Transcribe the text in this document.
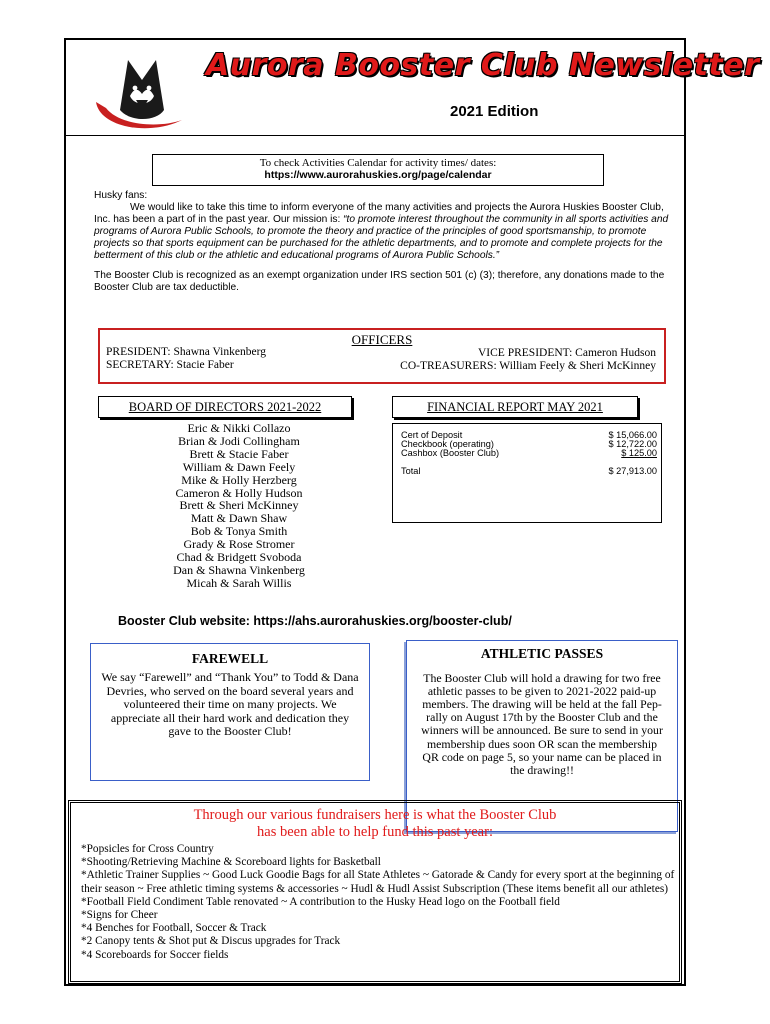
Aurora Booster Club Newsletter
2021 Edition
To check Activities Calendar for activity times/ dates:
https://www.aurorahuskies.org/page/calendar

Husky fans:

We would like to take this time to inform everyone of the many activities and projects the Aurora Huskies Booster Club, Inc. has been a part of in the past year. Our mission is: “to promote interest throughout the community in all sports activities and programs of Aurora Public Schools, to promote the theory and practice of the principles of good sportsmanship, to promote projects so that sports equipment can be purchased for the athletic departments, and to promote and complete projects for the betterment of this club or the athletic and educational programs of Aurora Public Schools.”

The Booster Club is recognized as an exempt organization under IRS section 501 (c) (3); therefore, any donations made to the Booster Club are tax deductible.

OFFICERS
PRESIDENT: Shawna Vinkenberg
SECRETARY: Stacie Faber
VICE PRESIDENT: Cameron Hudson
CO-TREASURERS: William Feely & Sheri McKinney
BOARD OF DIRECTORS 2021-2022
Eric & Nikki Collazo
Brian & Jodi Collingham
Brett & Stacie Faber
William & Dawn Feely
Mike & Holly Herzberg
Cameron & Holly Hudson
Brett & Sheri McKinney
Matt & Dawn Shaw
Bob & Tonya Smith
Grady & Rose Stromer
Chad & Bridgett Svoboda
Dan & Shawna Vinkenberg
Micah & Sarah Willis
FINANCIAL REPORT MAY 2021
Cert of Deposit	$ 15,066.00
Checkbook (operating)	$ 12,722.00
Cashbox (Booster Club)	$ 125.00
Total	$ 27,913.00
Booster Club website: https://ahs.aurorahuskies.org/booster-club/
FAREWELL
We say “Farewell” and “Thank You” to Todd & Dana Devries, who served on the board several years and volunteered their time on many projects. We appreciate all their hard work and dedication they gave to the Booster Club!
ATHLETIC PASSES
The Booster Club will hold a drawing for two free athletic passes to be given to 2021-2022 paid-up members. The drawing will be held at the fall Pep-rally on August 17th by the Booster Club and the winners will be announced. Be sure to send in your membership dues soon OR scan the membership QR code on page 5, so your name can be placed in the drawing!!
Through our various fundraisers here is what the Booster Club
has been able to help fund this past year:
*Popsicles for Cross Country
*Shooting/Retrieving Machine & Scoreboard lights for Basketball
*Athletic Trainer Supplies ~ Good Luck Goodie Bags for all State Athletes ~ Gatorade & Candy for every sport at the beginning of their season ~ Free athletic timing systems & accessories ~ Hudl & Hudl Assist Subscription (These items benefit all our athletes)
*Football Field Condiment Table renovated ~ A contribution to the Husky Head logo on the Football field
*Signs for Cheer
*4 Benches for Football, Soccer & Track
*2 Canopy tents & Shot put & Discus upgrades for Track
*4 Scoreboards for Soccer fields
